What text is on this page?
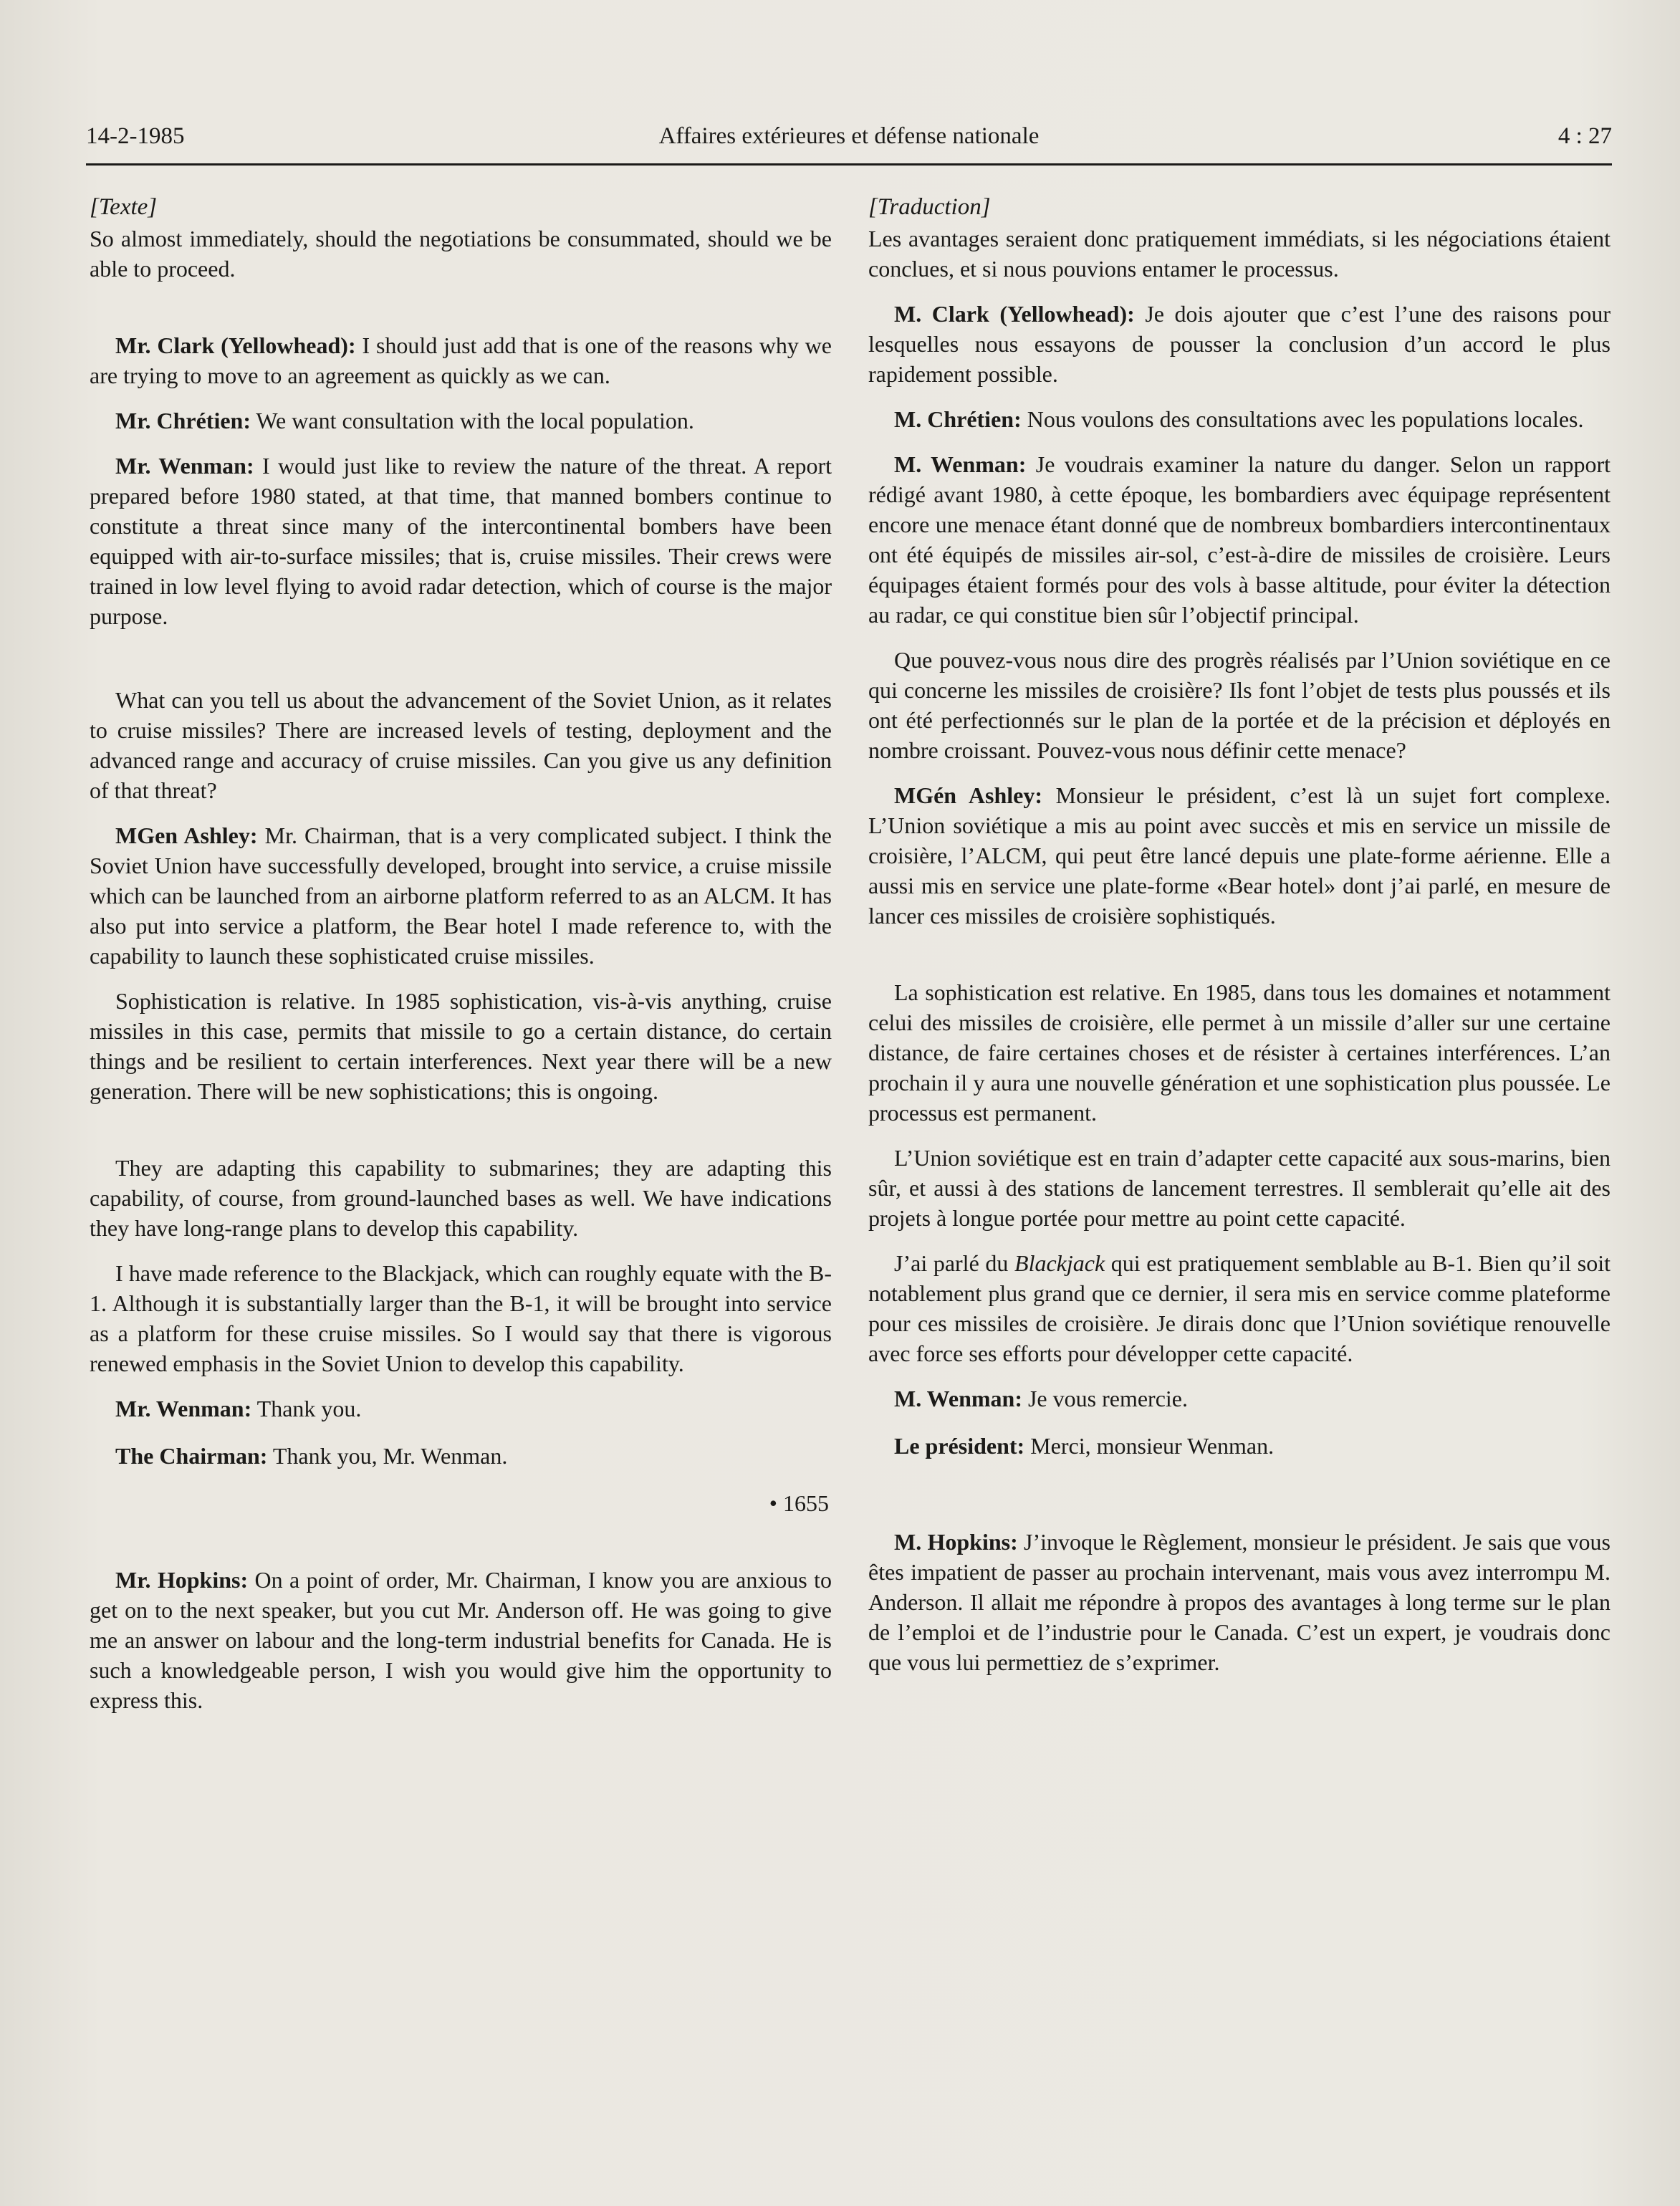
14-2-1985	Affaires extérieures et défense nationale	4 : 27

[Texte]

So almost immediately, should the negotiations be consummated, should we be able to proceed.

Mr. Clark (Yellowhead): I should just add that is one of the reasons why we are trying to move to an agreement as quickly as we can.

Mr. Chrétien: We want consultation with the local population.

Mr. Wenman: I would just like to review the nature of the threat. A report prepared before 1980 stated, at that time, that manned bombers continue to constitute a threat since many of the intercontinental bombers have been equipped with air-to-surface missiles; that is, cruise missiles. Their crews were trained in low level flying to avoid radar detection, which of course is the major purpose.

What can you tell us about the advancement of the Soviet Union, as it relates to cruise missiles? There are increased levels of testing, deployment and the advanced range and accuracy of cruise missiles. Can you give us any definition of that threat?

MGen Ashley: Mr. Chairman, that is a very complicated subject. I think the Soviet Union have successfully developed, brought into service, a cruise missile which can be launched from an airborne platform referred to as an ALCM. It has also put into service a platform, the Bear hotel I made reference to, with the capability to launch these sophisticated cruise missiles.

Sophistication is relative. In 1985 sophistication, vis-à-vis anything, cruise missiles in this case, permits that missile to go a certain distance, do certain things and be resilient to certain interferences. Next year there will be a new generation. There will be new sophistications; this is ongoing.

They are adapting this capability to submarines; they are adapting this capability, of course, from ground-launched bases as well. We have indications they have long-range plans to develop this capability.

I have made reference to the Blackjack, which can roughly equate with the B-1. Although it is substantially larger than the B-1, it will be brought into service as a platform for these cruise missiles. So I would say that there is vigorous renewed emphasis in the Soviet Union to develop this capability.

Mr. Wenman: Thank you.

The Chairman: Thank you, Mr. Wenman.

• 1655

Mr. Hopkins: On a point of order, Mr. Chairman, I know you are anxious to get on to the next speaker, but you cut Mr. Anderson off. He was going to give me an answer on labour and the long-term industrial benefits for Canada. He is such a knowledgeable person, I wish you would give him the opportunity to express this.

[Traduction]

Les avantages seraient donc pratiquement immédiats, si les négociations étaient conclues, et si nous pouvions entamer le processus.

M. Clark (Yellowhead): Je dois ajouter que c’est l’une des raisons pour lesquelles nous essayons de pousser la conclusion d’un accord le plus rapidement possible.

M. Chrétien: Nous voulons des consultations avec les populations locales.

M. Wenman: Je voudrais examiner la nature du danger. Selon un rapport rédigé avant 1980, à cette époque, les bombardiers avec équipage représentent encore une menace étant donné que de nombreux bombardiers intercontinentaux ont été équipés de missiles air-sol, c’est-à-dire de missiles de croisière. Leurs équipages étaient formés pour des vols à basse altitude, pour éviter la détection au radar, ce qui constitue bien sûr l’objectif principal.

Que pouvez-vous nous dire des progrès réalisés par l’Union soviétique en ce qui concerne les missiles de croisière? Ils font l’objet de tests plus poussés et ils ont été perfectionnés sur le plan de la portée et de la précision et déployés en nombre croissant. Pouvez-vous nous définir cette menace?

MGén Ashley: Monsieur le président, c’est là un sujet fort complexe. L’Union soviétique a mis au point avec succès et mis en service un missile de croisière, l’ALCM, qui peut être lancé depuis une plate-forme aérienne. Elle a aussi mis en service une plate-forme «Bear hotel» dont j’ai parlé, en mesure de lancer ces missiles de croisière sophistiqués.

La sophistication est relative. En 1985, dans tous les domaines et notamment celui des missiles de croisière, elle permet à un missile d’aller sur une certaine distance, de faire certaines choses et de résister à certaines interférences. L’an prochain il y aura une nouvelle génération et une sophistication plus poussée. Le processus est permanent.

L’Union soviétique est en train d’adapter cette capacité aux sous-marins, bien sûr, et aussi à des stations de lancement terrestres. Il semblerait qu’elle ait des projets à longue portée pour mettre au point cette capacité.

J’ai parlé du Blackjack qui est pratiquement semblable au B-1. Bien qu’il soit notablement plus grand que ce dernier, il sera mis en service comme plateforme pour ces missiles de croisière. Je dirais donc que l’Union soviétique renouvelle avec force ses efforts pour développer cette capacité.

M. Wenman: Je vous remercie.

Le président: Merci, monsieur Wenman.

M. Hopkins: J’invoque le Règlement, monsieur le président. Je sais que vous êtes impatient de passer au prochain intervenant, mais vous avez interrompu M. Anderson. Il allait me répondre à propos des avantages à long terme sur le plan de l’emploi et de l’industrie pour le Canada. C’est un expert, je voudrais donc que vous lui permettiez de s’exprimer.
